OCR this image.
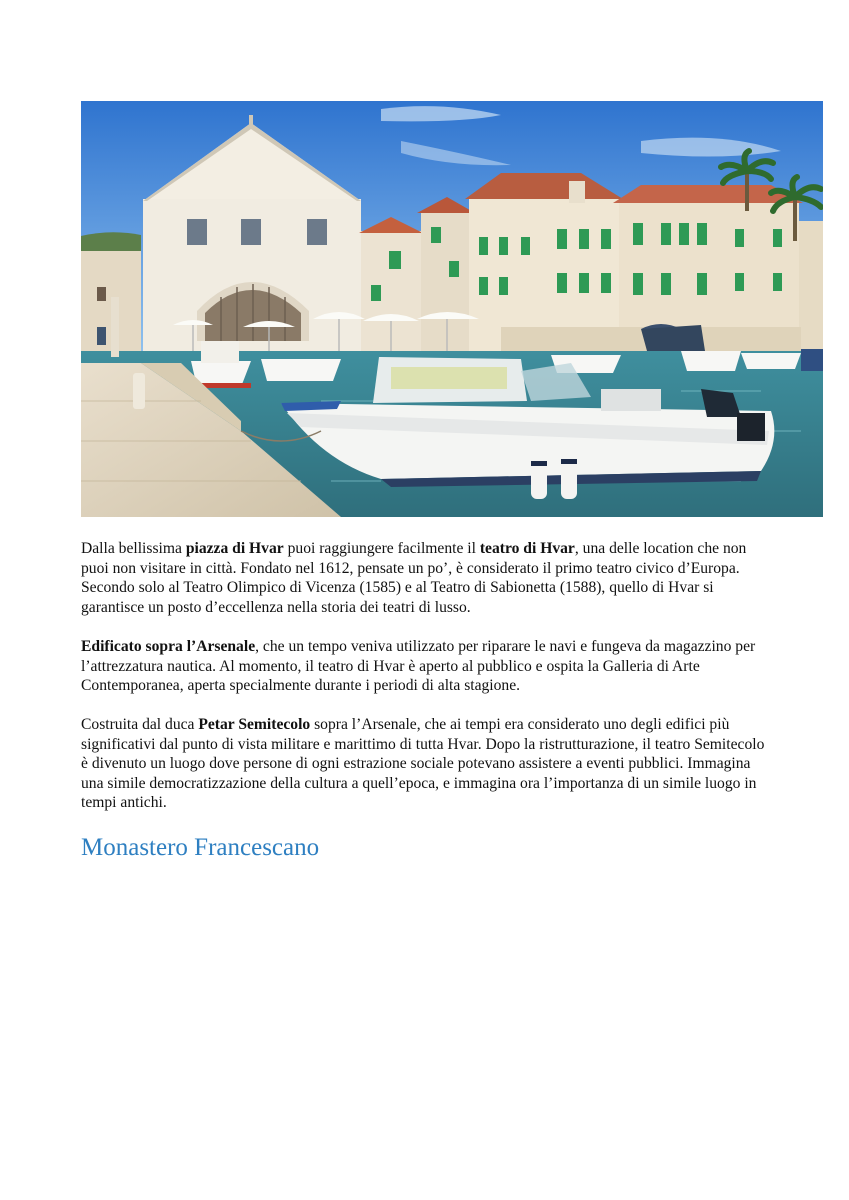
Dalla bellissima piazza di Hvar puoi raggiungere facilmente il teatro di Hvar, una delle location che non puoi non visitare in città. Fondato nel 1612, pensate un po’, è considerato il primo teatro civico d’Europa. Secondo solo al Teatro Olimpico di Vicenza (1585) e al Teatro di Sabionetta (1588), quello di Hvar si garantisce un posto d’eccellenza nella storia dei teatri di lusso.

Edificato sopra l’Arsenale, che un tempo veniva utilizzato per riparare le navi e fungeva da magazzino per l’attrezzatura nautica. Al momento, il teatro di Hvar è aperto al pubblico e ospita la Galleria di Arte Contemporanea, aperta specialmente durante i periodi di alta stagione.

Costruita dal duca Petar Semitecolo sopra l’Arsenale, che ai tempi era considerato uno degli edifici più significativi dal punto di vista militare e marittimo di tutta Hvar. Dopo la ristrutturazione, il teatro Semitecolo è divenuto un luogo dove persone di ogni estrazione sociale potevano assistere a eventi pubblici. Immagina una simile democratizzazione della cultura a quell’epoca, e immagina ora l’importanza di un simile luogo in tempi antichi.

Monastero Francescano
